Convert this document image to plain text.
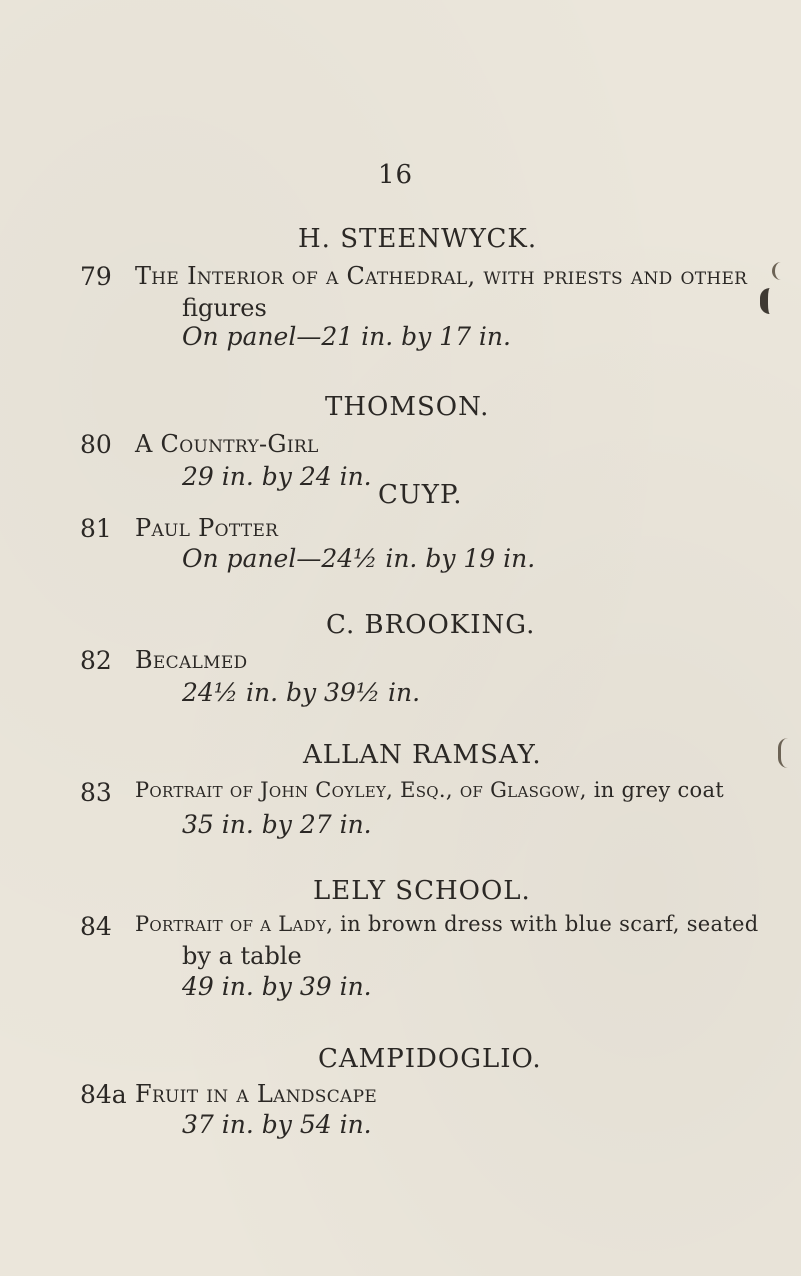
16
H. STEENWYCK.
79 The Interior of a Cathedral, with priests and other
figures
On panel—21 in. by 17 in.
THOMSON.
80 A Country-Girl
29 in. by 24 in.
CUYP.
81 Paul Potter
On panel—24½ in. by 19 in.
C. BROOKING.
82 Becalmed
24½ in. by 39½ in.
ALLAN RAMSAY.
83 Portrait of John Coyley, Esq., of Glasgow, in grey coat
35 in. by 27 in.
LELY SCHOOL.
84 Portrait of a Lady, in brown dress with blue scarf, seated
by a table
49 in. by 39 in.
CAMPIDOGLIO.
84a Fruit in a Landscape
37 in. by 54 in.
